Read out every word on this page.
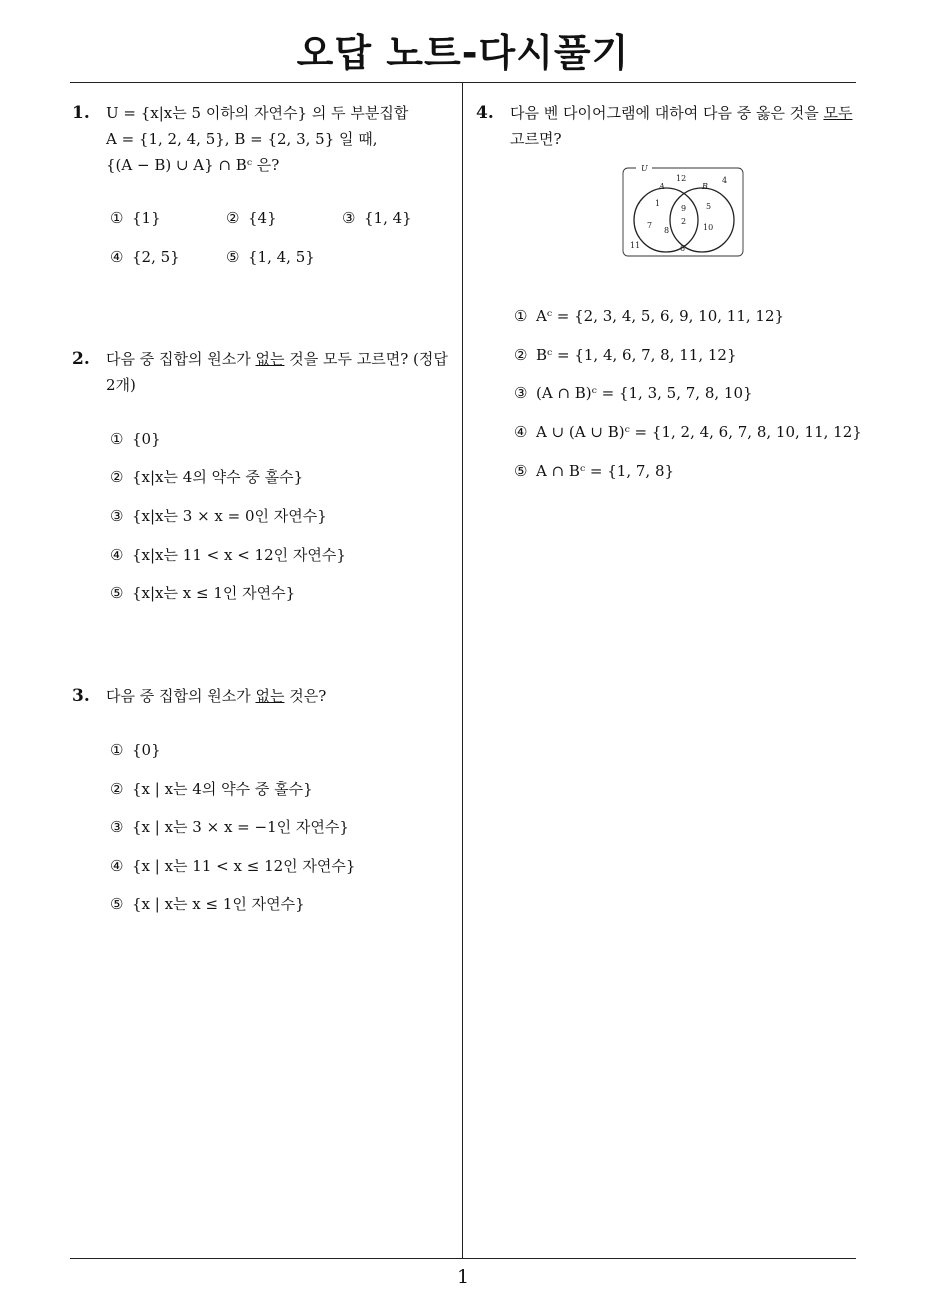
오답 노트-다시풀기
1. U = {x|x는 5 이하의 자연수} 의 두 부분집합
A = {1, 2, 4, 5}, B = {2, 3, 5} 일 때,
{(A − B) ∪ A} ∩ Bᶜ 은?
① {1}	② {4}	③ {1, 4}
④ {2, 5}	⑤ {1, 4, 5}
2. 다음 중 집합의 원소가 없는 것을 모두 고르면? (정답
2개)
① {0}
② {x|x는 4의 약수 중 홀수}
③ {x|x는 3 × x = 0인 자연수}
④ {x|x는 11 < x < 12인 자연수}
⑤ {x|x는 x ≤ 1인 자연수}
3. 다음 중 집합의 원소가 없는 것은?
① {0}
② {x | x는 4의 약수 중 홀수}
③ {x | x는 3 × x = −1인 자연수}
④ {x | x는 11 < x ≤ 12인 자연수}
⑤ {x | x는 x ≤ 1인 자연수}
4. 다음 벤 다이어그램에 대하여 다음 중 옳은 것을 모두
고르면?
① Aᶜ = {2, 3, 4, 5, 6, 9, 10, 11, 12}
② Bᶜ = {1, 4, 6, 7, 8, 11, 12}
③ (A ∩ B)ᶜ = {1, 3, 5, 7, 8, 10}
④ A ∪ (A ∪ B)ᶜ = {1, 2, 4, 6, 7, 8, 10, 11, 12}
⑤ A ∩ Bᶜ = {1, 7, 8}
U
A	B
1
7
8
9
2
5
10
12	4
11	6
1
